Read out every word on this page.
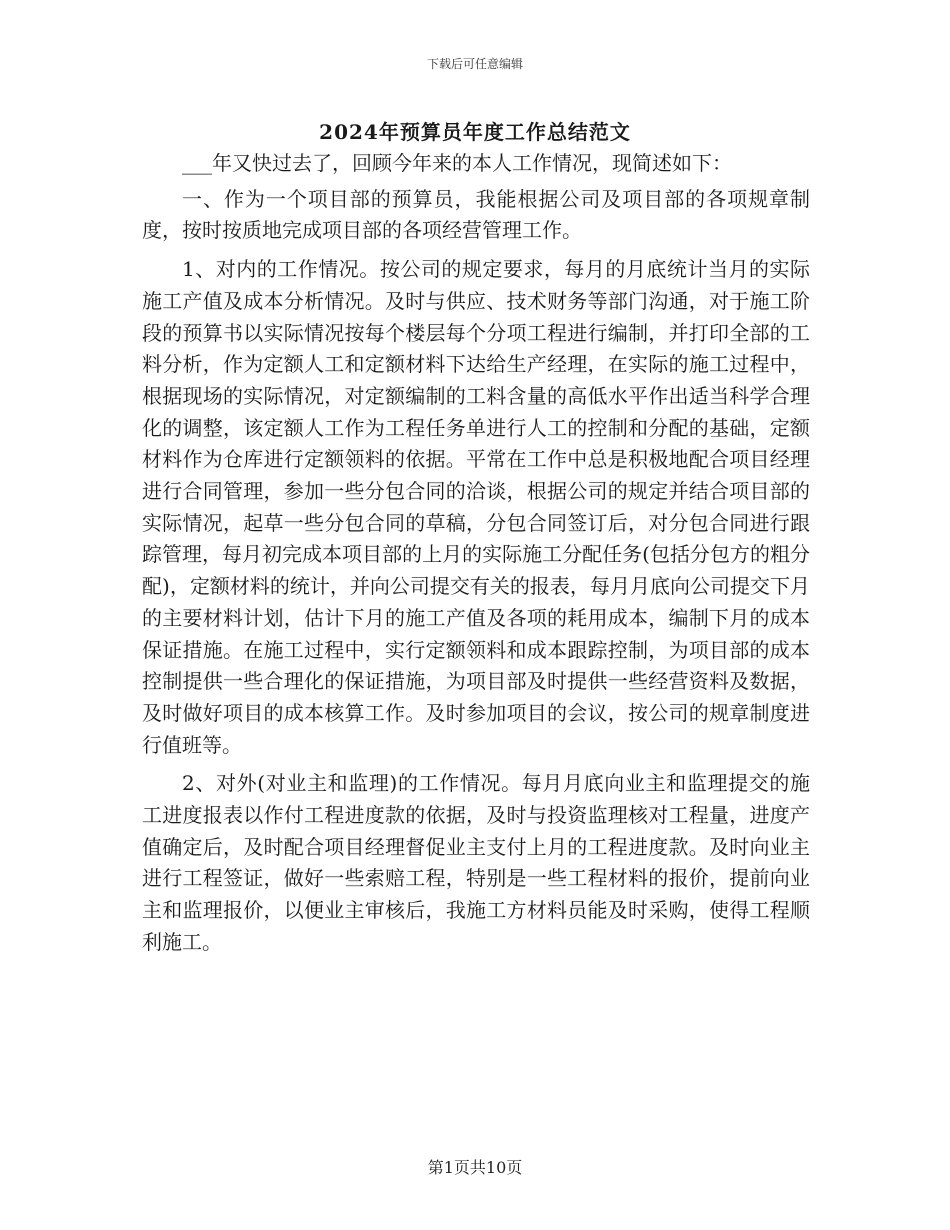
下载后可任意编辑
2024年预算员年度工作总结范文

___年又快过去了，回顾今年来的本人工作情况，现简述如下：

一、作为一个项目部的预算员，我能根据公司及项目部的各项规章制度，按时按质地完成项目部的各项经营管理工作。

1、对内的工作情况。按公司的规定要求，每月的月底统计当月的实际施工产值及成本分析情况。及时与供应、技术财务等部门沟通，对于施工阶段的预算书以实际情况按每个楼层每个分项工程进行编制，并打印全部的工料分析，作为定额人工和定额材料下达给生产经理，在实际的施工过程中，根据现场的实际情况，对定额编制的工料含量的高低水平作出适当科学合理化的调整，该定额人工作为工程任务单进行人工的控制和分配的基础，定额材料作为仓库进行定额领料的依据。平常在工作中总是积极地配合项目经理进行合同管理，参加一些分包合同的洽谈，根据公司的规定并结合项目部的实际情况，起草一些分包合同的草稿，分包合同签订后，对分包合同进行跟踪管理，每月初完成本项目部的上月的实际施工分配任务(包括分包方的粗分配)，定额材料的统计，并向公司提交有关的报表，每月月底向公司提交下月的主要材料计划，估计下月的施工产值及各项的耗用成本，编制下月的成本保证措施。在施工过程中，实行定额领料和成本跟踪控制，为项目部的成本控制提供一些合理化的保证措施，为项目部及时提供一些经营资料及数据，及时做好项目的成本核算工作。及时参加项目的会议，按公司的规章制度进行值班等。

2、对外(对业主和监理)的工作情况。每月月底向业主和监理提交的施工进度报表以作付工程进度款的依据，及时与投资监理核对工程量，进度产值确定后，及时配合项目经理督促业主支付上月的工程进度款。及时向业主进行工程签证，做好一些索赔工程，特别是一些工程材料的报价，提前向业主和监理报价，以便业主审核后，我施工方材料员能及时采购，使得工程顺利施工。

第1页共10页
